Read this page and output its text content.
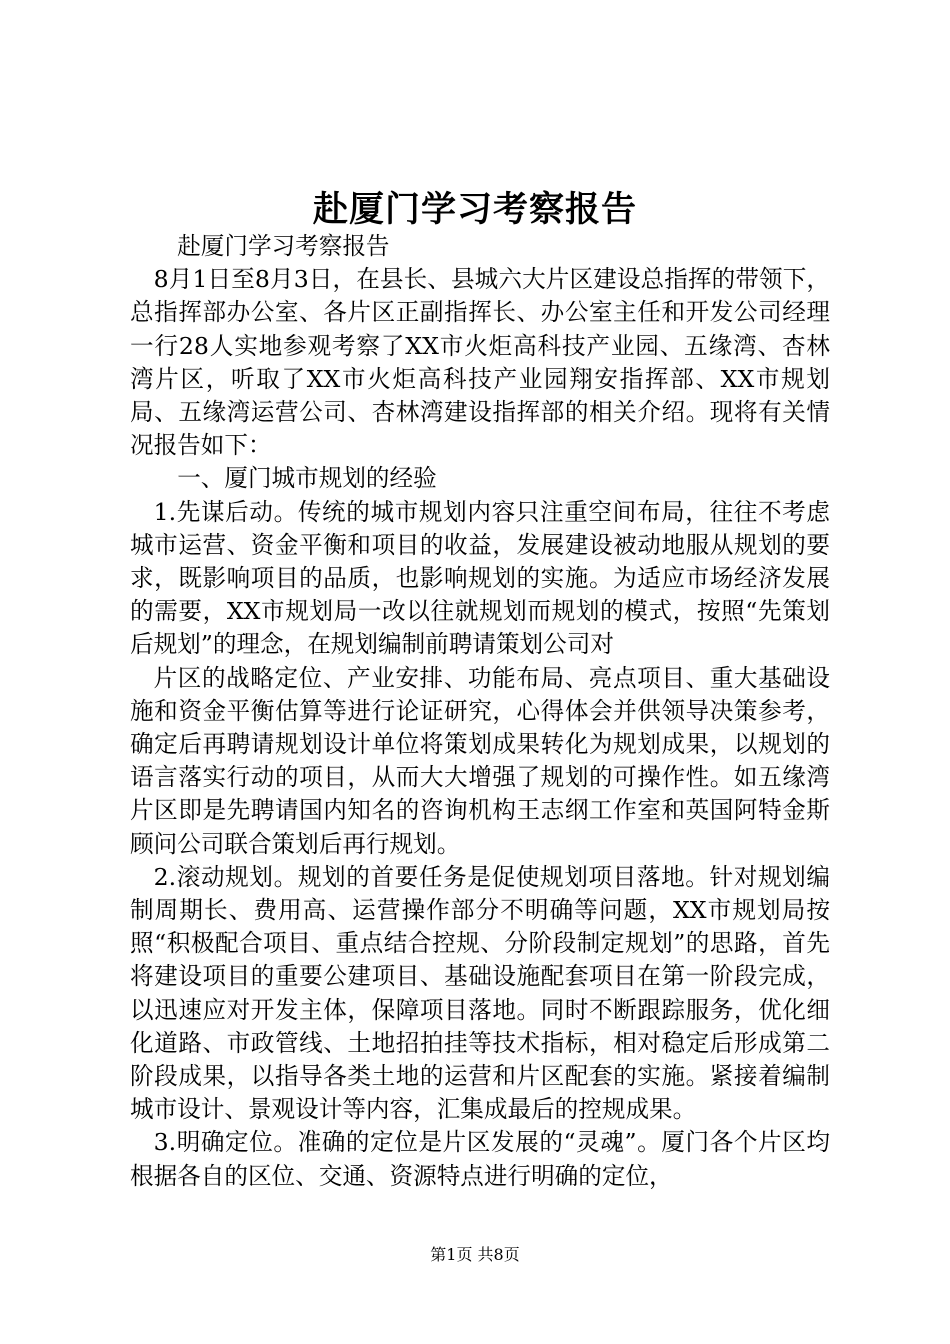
赴厦门学习考察报告

赴厦门学习考察报告

8月1日至8月3日，在县长、县城六大片区建设总指挥的带领下，总指挥部办公室、各片区正副指挥长、办公室主任和开发公司经理一行28人实地参观考察了XX市火炬高科技产业园、五缘湾、杏林湾片区，听取了XX市火炬高科技产业园翔安指挥部、XX市规划局、五缘湾运营公司、杏林湾建设指挥部的相关介绍。现将有关情况报告如下：

一、厦门城市规划的经验

1.先谋后动。传统的城市规划内容只注重空间布局，往往不考虑城市运营、资金平衡和项目的收益，发展建设被动地服从规划的要求，既影响项目的品质，也影响规划的实施。为适应市场经济发展的需要，XX市规划局一改以往就规划而规划的模式，按照“先策划后规划”的理念，在规划编制前聘请策划公司对

片区的战略定位、产业安排、功能布局、亮点项目、重大基础设施和资金平衡估算等进行论证研究，心得体会并供领导决策参考，确定后再聘请规划设计单位将策划成果转化为规划成果，以规划的语言落实行动的项目，从而大大增强了规划的可操作性。如五缘湾片区即是先聘请国内知名的咨询机构王志纲工作室和英国阿特金斯顾问公司联合策划后再行规划。

2.滚动规划。规划的首要任务是促使规划项目落地。针对规划编制周期长、费用高、运营操作部分不明确等问题，XX市规划局按照“积极配合项目、重点结合控规、分阶段制定规划”的思路，首先将建设项目的重要公建项目、基础设施配套项目在第一阶段完成，以迅速应对开发主体，保障项目落地。同时不断跟踪服务，优化细化道路、市政管线、土地招拍挂等技术指标，相对稳定后形成第二阶段成果，以指导各类土地的运营和片区配套的实施。紧接着编制城市设计、景观设计等内容，汇集成最后的控规成果。

3.明确定位。准确的定位是片区发展的“灵魂”。厦门各个片区均根据各自的区位、交通、资源特点进行明确的定位，

第1页 共8页
